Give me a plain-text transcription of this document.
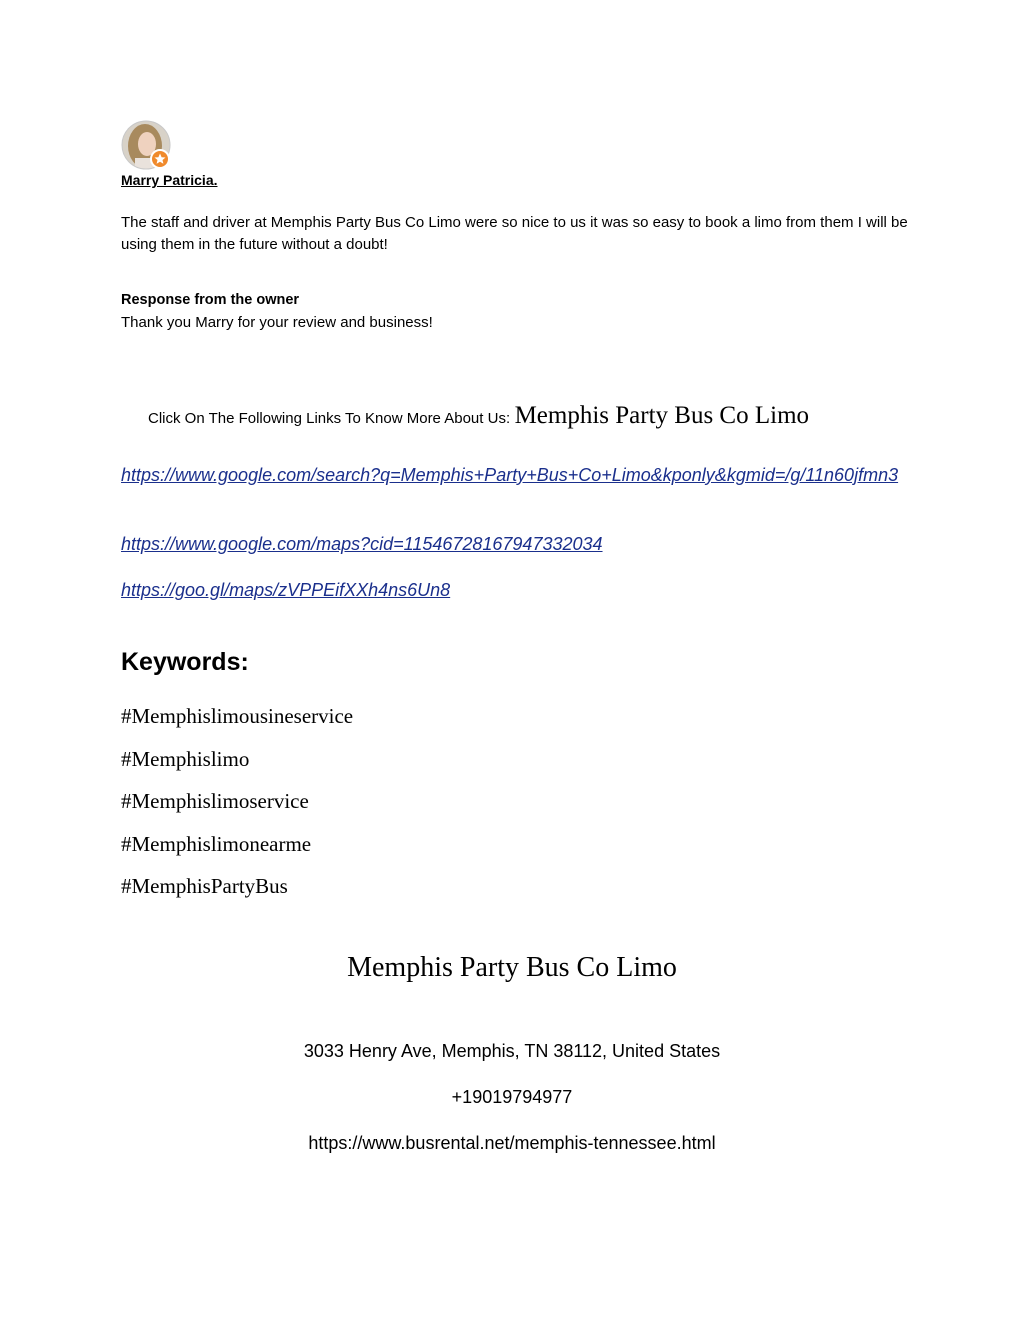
Marry Patricia.
The staff and driver at Memphis Party Bus Co Limo were so nice to us it was so easy to book a limo from them I will be using them in the future without a doubt!
Response from the owner
Thank you Marry for your review and business!
Click On The Following Links To Know More About Us: Memphis Party Bus Co Limo
https://www.google.com/search?q=Memphis+Party+Bus+Co+Limo&kponly&kgmid=/g/11n60jfmn3
https://www.google.com/maps?cid=11546728167947332034
https://goo.gl/maps/zVPPEifXXh4ns6Un8
Keywords:
#Memphislimousineservice
#Memphislimo
#Memphislimoservice
#Memphislimonearme
#MemphisPartyBus
Memphis Party Bus Co Limo
3033 Henry Ave, Memphis, TN 38112, United States
+19019794977
https://www.busrental.net/memphis-tennessee.html
